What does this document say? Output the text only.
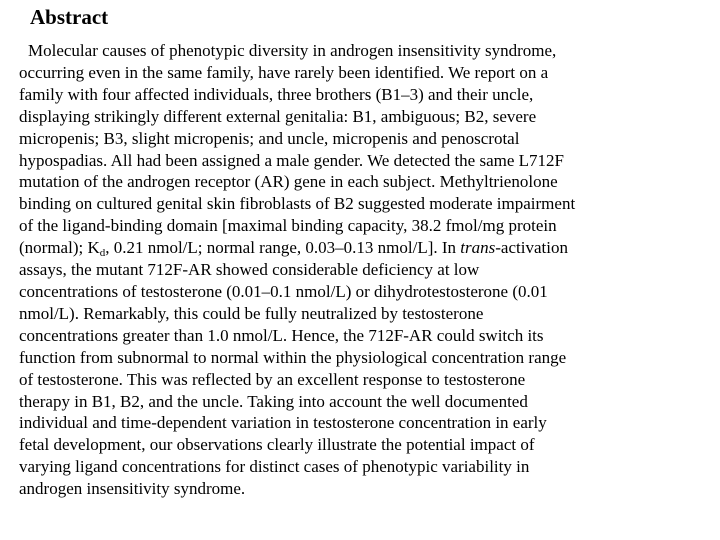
Abstract

Molecular causes of phenotypic diversity in androgen insensitivity syndrome,
occurring even in the same family, have rarely been identified. We report on a
family with four affected individuals, three brothers (B1–3) and their uncle,
displaying strikingly different external genitalia: B1, ambiguous; B2, severe
micropenis; B3, slight micropenis; and uncle, micropenis and penoscrotal
hypospadias. All had been assigned a male gender. We detected the same L712F
mutation of the androgen receptor (AR) gene in each subject. Methyltrienolone
binding on cultured genital skin fibroblasts of B2 suggested moderate impairment
of the ligand-binding domain [maximal binding capacity, 38.2 fmol/mg protein
(normal); $K_d$, 0.21 nmol/L; normal range, 0.03–0.13 nmol/L]. In trans-activation
assays, the mutant 712F-AR showed considerable deficiency at low
concentrations of testosterone (0.01–0.1 nmol/L) or dihydrotestosterone (0.01
nmol/L). Remarkably, this could be fully neutralized by testosterone
concentrations greater than 1.0 nmol/L. Hence, the 712F-AR could switch its
function from subnormal to normal within the physiological concentration range
of testosterone. This was reflected by an excellent response to testosterone
therapy in B1, B2, and the uncle. Taking into account the well documented
individual and time-dependent variation in testosterone concentration in early
fetal development, our observations clearly illustrate the potential impact of
varying ligand concentrations for distinct cases of phenotypic variability in
androgen insensitivity syndrome.
